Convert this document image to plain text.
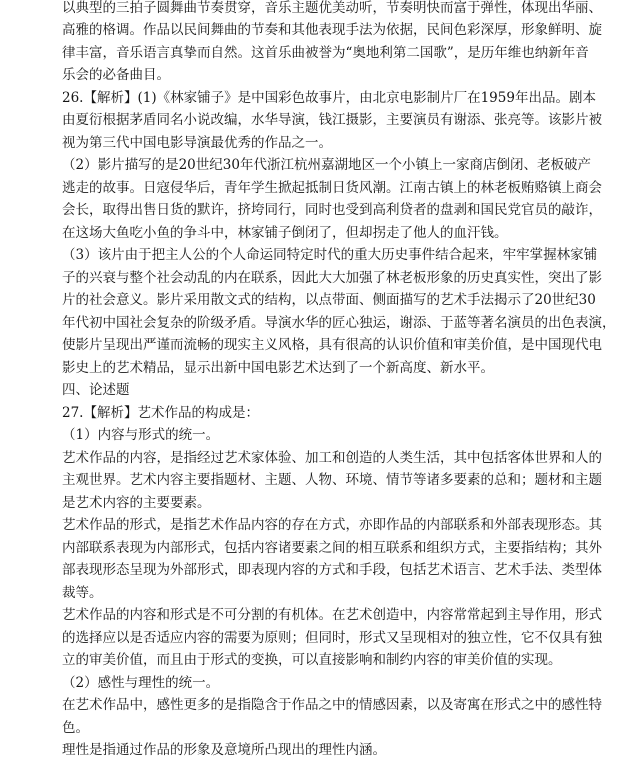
以典型的三拍子圆舞曲节奏贯穿，音乐主题优美动听，节奏明快而富于弹性，体现出华丽、
高雅的格调。作品以民间舞曲的节奏和其他表现手法为依据，民间色彩深厚，形象鲜明、旋
律丰富，音乐语言真挚而自然。这首乐曲被誉为“奥地利第二国歌”，是历年维也纳新年音
乐会的必备曲目。
26.【解析】(1)《林家铺子》是中国彩色故事片，由北京电影制片厂在1959年出品。剧本
由夏衍根据茅盾同名小说改编，水华导演，钱江摄影，主要演员有谢添、张亮等。该影片被
视为第三代中国电影导演最优秀的作品之一。
（2）影片描写的是20世纪30年代浙江杭州嘉湖地区一个小镇上一家商店倒闭、老板破产
逃走的故事。日寇侵华后，青年学生掀起抵制日货风潮。江南古镇上的林老板贿赂镇上商会
会长，取得出售日货的默许，挤垮同行，同时也受到高利贷者的盘剥和国民党官员的敲诈，
在这场大鱼吃小鱼的争斗中，林家铺子倒闭了，但却拐走了他人的血汗钱。
（3）该片由于把主人公的个人命运同特定时代的重大历史事件结合起来，牢牢掌握林家铺
子的兴衰与整个社会动乱的内在联系，因此大大加强了林老板形象的历史真实性，突出了影
片的社会意义。影片采用散文式的结构，以点带面、侧面描写的艺术手法揭示了20世纪30
年代初中国社会复杂的阶级矛盾。导演水华的匠心独运，谢添、于蓝等著名演员的出色表演，
使影片呈现出严谨而流畅的现实主义风格，具有很高的认识价值和审美价值，是中国现代电
影史上的艺术精品，显示出新中国电影艺术达到了一个新高度、新水平。
四、论述题
27.【解析】艺术作品的构成是：
（1）内容与形式的统一。
艺术作品的内容，是指经过艺术家体验、加工和创造的人类生活，其中包括客体世界和人的
主观世界。艺术内容主要指题材、主题、人物、环境、情节等诸多要素的总和；题材和主题
是艺术内容的主要要素。
艺术作品的形式，是指艺术作品内容的存在方式，亦即作品的内部联系和外部表现形态。其
内部联系表现为内部形式，包括内容诸要素之间的相互联系和组织方式，主要指结构；其外
部表现形态呈现为外部形式，即表现内容的方式和手段，包括艺术语言、艺术手法、类型体
裁等。
艺术作品的内容和形式是不可分割的有机体。在艺术创造中，内容常常起到主导作用，形式
的选择应以是否适应内容的需要为原则；但同时，形式又呈现相对的独立性，它不仅具有独
立的审美价值，而且由于形式的变换，可以直接影响和制约内容的审美价值的实现。
（2）感性与理性的统一。
在艺术作品中，感性更多的是指隐含于作品之中的情感因素，以及寄寓在形式之中的感性特
色。
理性是指通过作品的形象及意境所凸现出的理性内涵。
